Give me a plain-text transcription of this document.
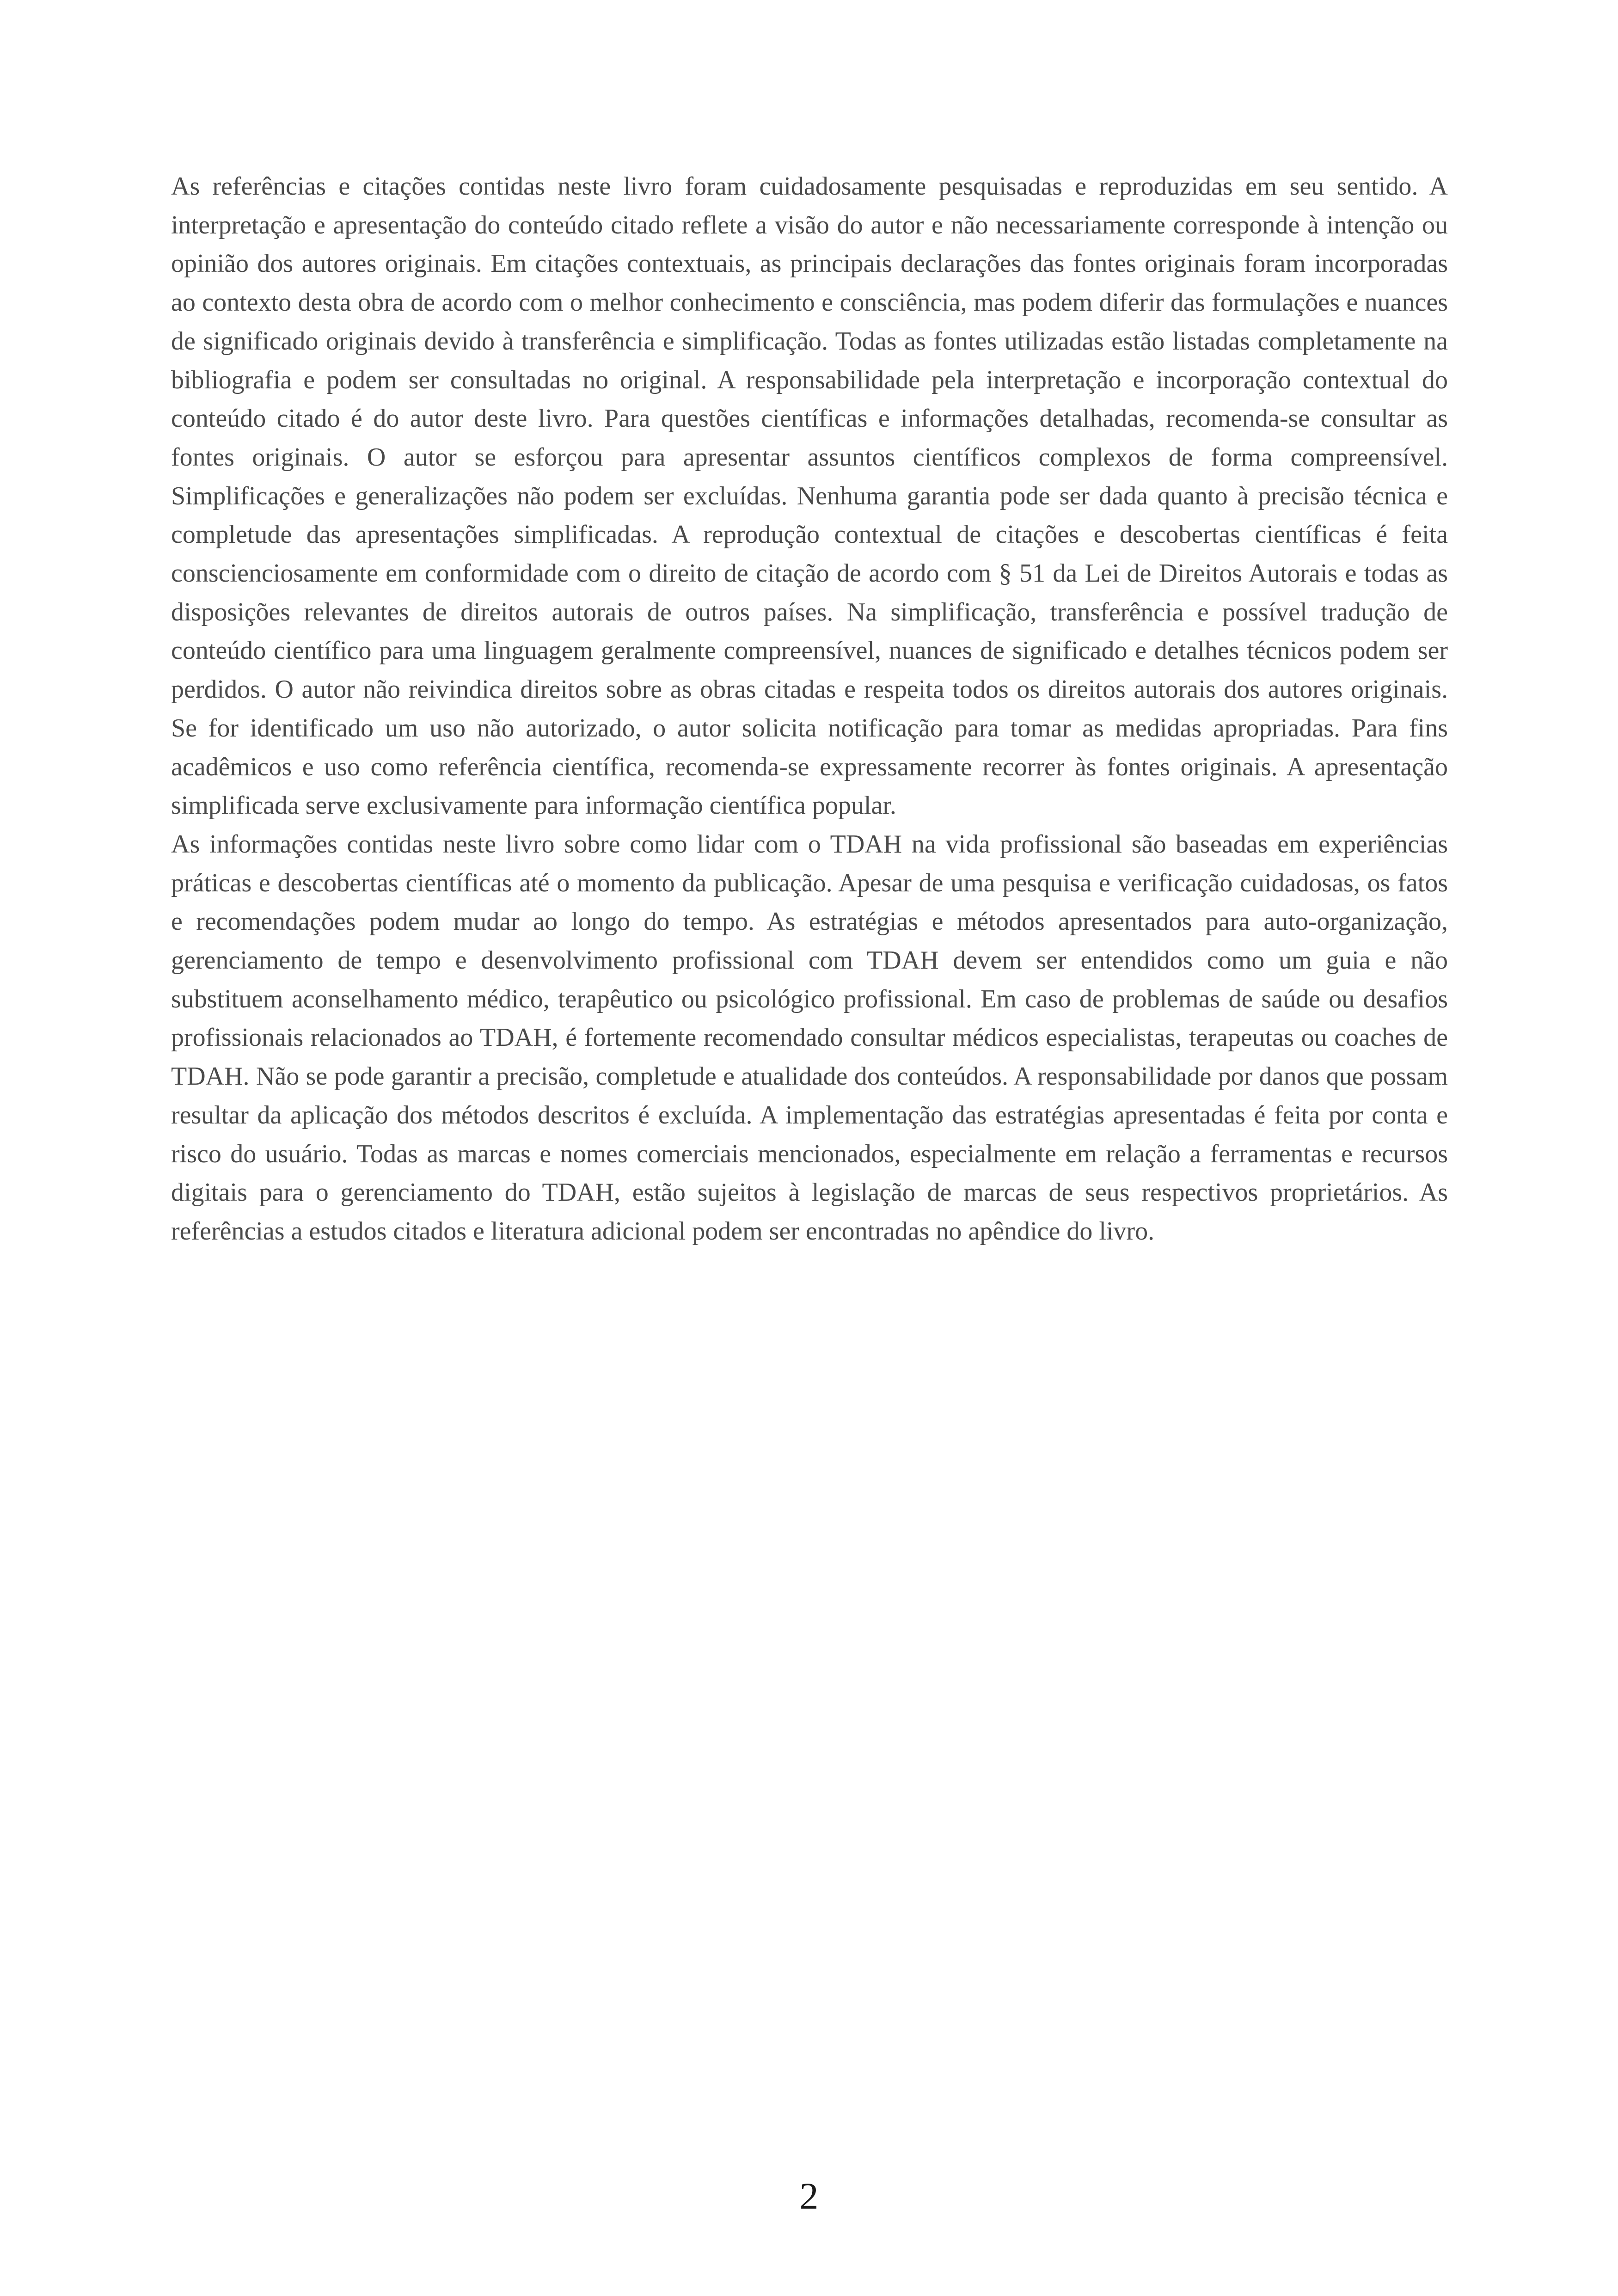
As referências e citações contidas neste livro foram cuidadosamente pesquisadas e reproduzidas em seu sentido. A interpretação e apresentação do conteúdo citado reflete a visão do autor e não necessariamente corresponde à intenção ou opinião dos autores originais. Em citações contextuais, as principais declarações das fontes originais foram incorporadas ao contexto desta obra de acordo com o melhor conhecimento e consciência, mas podem diferir das formulações e nuances de significado originais devido à transferência e simplificação. Todas as fontes utilizadas estão listadas completamente na bibliografia e podem ser consultadas no original. A responsabilidade pela interpretação e incorporação contextual do conteúdo citado é do autor deste livro. Para questões científicas e informações detalhadas, recomenda-se consultar as fontes originais. O autor se esforçou para apresentar assuntos científicos complexos de forma compreensível. Simplificações e generalizações não podem ser excluídas. Nenhuma garantia pode ser dada quanto à precisão técnica e completude das apresentações simplificadas. A reprodução contextual de citações e descobertas científicas é feita conscienciosamente em conformidade com o direito de citação de acordo com § 51 da Lei de Direitos Autorais e todas as disposições relevantes de direitos autorais de outros países. Na simplificação, transferência e possível tradução de conteúdo científico para uma linguagem geralmente compreensível, nuances de significado e detalhes técnicos podem ser perdidos. O autor não reivindica direitos sobre as obras citadas e respeita todos os direitos autorais dos autores originais. Se for identificado um uso não autorizado, o autor solicita notificação para tomar as medidas apropriadas. Para fins acadêmicos e uso como referência científica, recomenda-se expressamente recorrer às fontes originais. A apresentação simplificada serve exclusivamente para informação científica popular.

As informações contidas neste livro sobre como lidar com o TDAH na vida profissional são baseadas em experiências práticas e descobertas científicas até o momento da publicação. Apesar de uma pesquisa e verificação cuidadosas, os fatos e recomendações podem mudar ao longo do tempo. As estratégias e métodos apresentados para auto-organização, gerenciamento de tempo e desenvolvimento profissional com TDAH devem ser entendidos como um guia e não substituem aconselhamento médico, terapêutico ou psicológico profissional. Em caso de problemas de saúde ou desafios profissionais relacionados ao TDAH, é fortemente recomendado consultar médicos especialistas, terapeutas ou coaches de TDAH. Não se pode garantir a precisão, completude e atualidade dos conteúdos. A responsabilidade por danos que possam resultar da aplicação dos métodos descritos é excluída. A implementação das estratégias apresentadas é feita por conta e risco do usuário. Todas as marcas e nomes comerciais mencionados, especialmente em relação a ferramentas e recursos digitais para o gerenciamento do TDAH, estão sujeitos à legislação de marcas de seus respectivos proprietários. As referências a estudos citados e literatura adicional podem ser encontradas no apêndice do livro.

2
